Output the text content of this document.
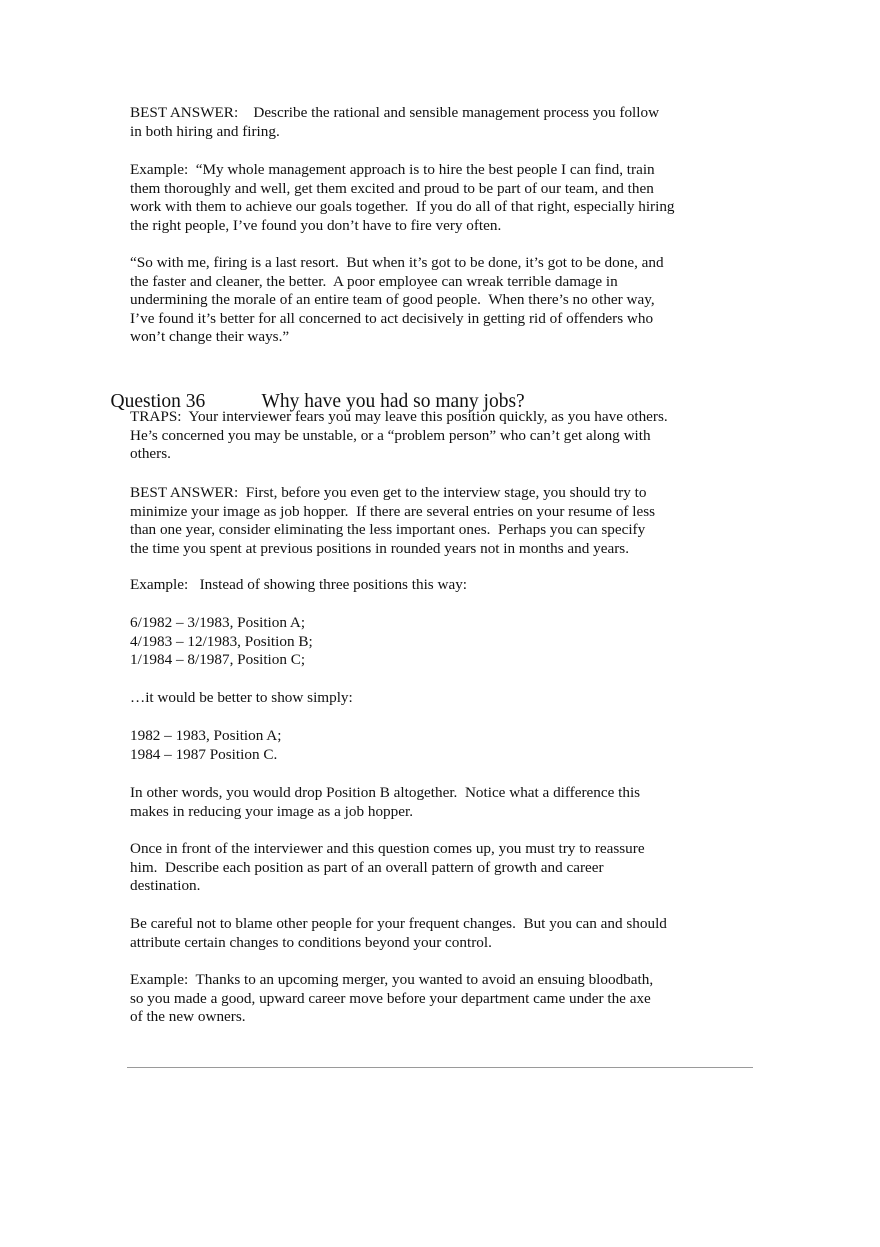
BEST ANSWER:    Describe the rational and sensible management process you follow
in both hiring and firing.
Example:  “My whole management approach is to hire the best people I can find, train
them thoroughly and well, get them excited and proud to be part of our team, and then
work with them to achieve our goals together.  If you do all of that right, especially hiring
the right people, I’ve found you don’t have to fire very often.
“So with me, firing is a last resort.  But when it’s got to be done, it’s got to be done, and
the faster and cleaner, the better.  A poor employee can wreak terrible damage in
undermining the morale of an entire team of good people.  When there’s no other way,
I’ve found it’s better for all concerned to act decisively in getting rid of offenders who
won’t change their ways.”

Question 36	Why have you had so many jobs?

TRAPS:  Your interviewer fears you may leave this position quickly, as you have others.
He’s concerned you may be unstable, or a “problem person” who can’t get along with
others.
BEST ANSWER:  First, before you even get to the interview stage, you should try to
minimize your image as job hopper.  If there are several entries on your resume of less
than one year, consider eliminating the less important ones.  Perhaps you can specify
the time you spent at previous positions in rounded years not in months and years.
Example:   Instead of showing three positions this way:
6/1982 – 3/1983, Position A;
4/1983 – 12/1983, Position B;
1/1984 – 8/1987, Position C;
…it would be better to show simply:
1982 – 1983, Position A;
1984 – 1987 Position C.
In other words, you would drop Position B altogether.  Notice what a difference this
makes in reducing your image as a job hopper.
Once in front of the interviewer and this question comes up, you must try to reassure
him.  Describe each position as part of an overall pattern of growth and career
destination.
Be careful not to blame other people for your frequent changes.  But you can and should
attribute certain changes to conditions beyond your control.
Example:  Thanks to an upcoming merger, you wanted to avoid an ensuing bloodbath,
so you made a good, upward career move before your department came under the axe
of the new owners.
